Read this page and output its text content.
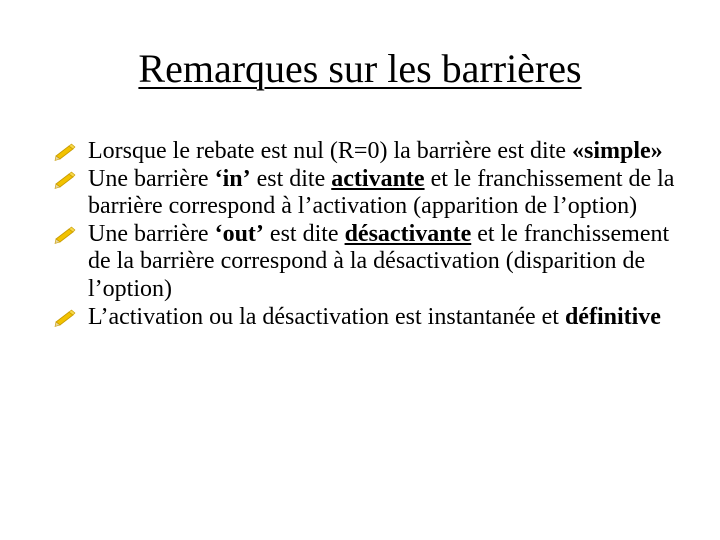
Remarques sur les barrières
Lorsque le rebate est nul (R=0) la barrière est dite «simple»
Une barrière ‘in’ est dite activante et le franchissement de la barrière correspond à l’activation (apparition de l’option)
Une barrière ‘out’ est dite désactivante et le franchissement de la barrière correspond à la désactivation (disparition de l’option)
L’activation ou la désactivation est instantanée et définitive
